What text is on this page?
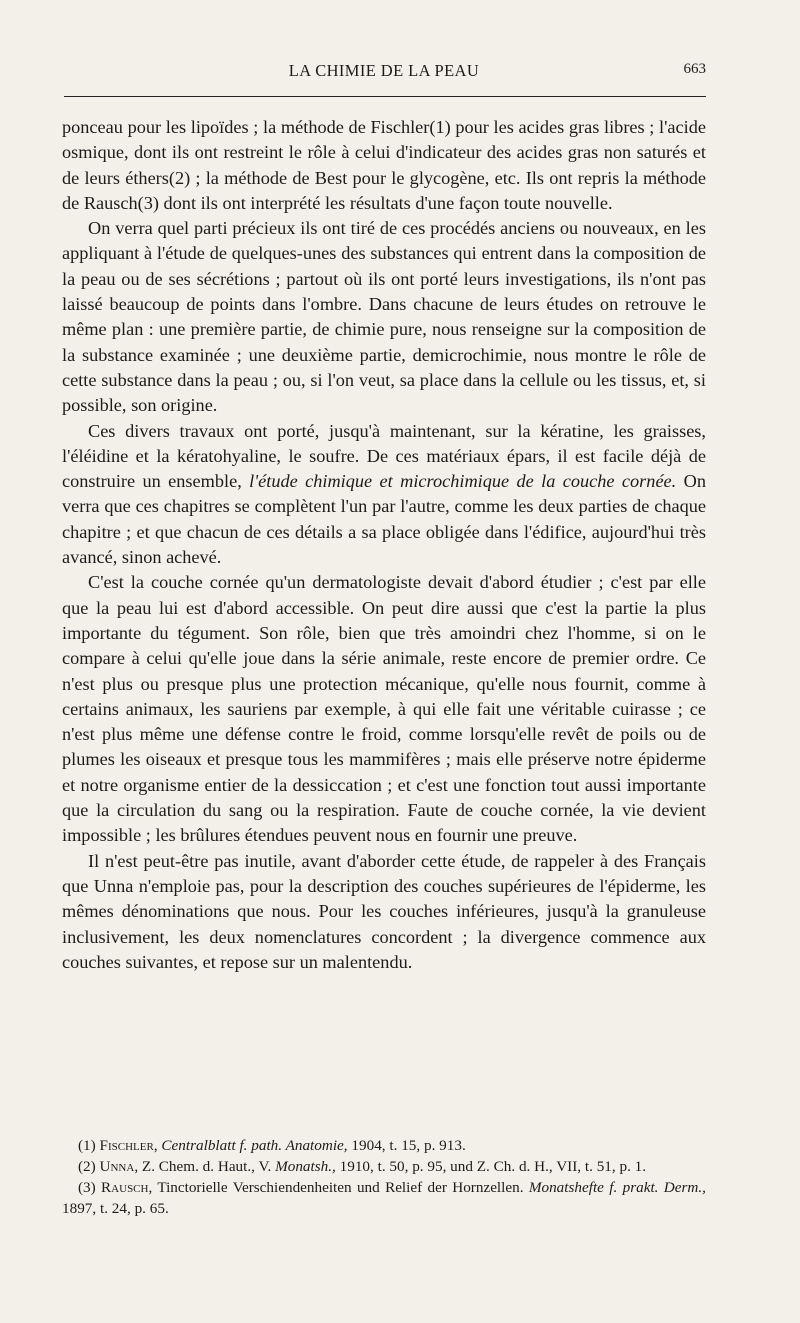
LA CHIMIE DE LA PEAU	663

ponceau pour les lipoïdes ; la méthode de Fischler(1) pour les acides gras libres ; l'acide osmique, dont ils ont restreint le rôle à celui d'indicateur des acides gras non saturés et de leurs éthers(2) ; la méthode de Best pour le glycogène, etc. Ils ont repris la méthode de Rausch(3) dont ils ont interprété les résultats d'une façon toute nouvelle.

On verra quel parti précieux ils ont tiré de ces procédés anciens ou nouveaux, en les appliquant à l'étude de quelques-unes des substances qui entrent dans la composition de la peau ou de ses sécrétions ; partout où ils ont porté leurs investigations, ils n'ont pas laissé beaucoup de points dans l'ombre. Dans chacune de leurs études on retrouve le même plan : une première partie, de chimie pure, nous renseigne sur la composition de la substance examinée ; une deuxième partie, demicrochimie, nous montre le rôle de cette substance dans la peau ; ou, si l'on veut, sa place dans la cellule ou les tissus, et, si possible, son origine.

Ces divers travaux ont porté, jusqu'à maintenant, sur la kératine, les graisses, l'éléidine et la kératohyaline, le soufre. De ces matériaux épars, il est facile déjà de construire un ensemble, l'étude chimique et microchimique de la couche cornée. On verra que ces chapitres se complètent l'un par l'autre, comme les deux parties de chaque chapitre ; et que chacun de ces détails a sa place obligée dans l'édifice, aujourd'hui très avancé, sinon achevé.

C'est la couche cornée qu'un dermatologiste devait d'abord étudier ; c'est par elle que la peau lui est d'abord accessible. On peut dire aussi que c'est la partie la plus importante du tégument. Son rôle, bien que très amoindri chez l'homme, si on le compare à celui qu'elle joue dans la série animale, reste encore de premier ordre. Ce n'est plus ou presque plus une protection mécanique, qu'elle nous fournit, comme à certains animaux, les sauriens par exemple, à qui elle fait une véritable cuirasse ; ce n'est plus même une défense contre le froid, comme lorsqu'elle revêt de poils ou de plumes les oiseaux et presque tous les mammifères ; mais elle préserve notre épiderme et notre organisme entier de la dessiccation ; et c'est une fonction tout aussi importante que la circulation du sang ou la respiration. Faute de couche cornée, la vie devient impossible ; les brûlures étendues peuvent nous en fournir une preuve.

Il n'est peut-être pas inutile, avant d'aborder cette étude, de rappeler à des Français que Unna n'emploie pas, pour la description des couches supérieures de l'épiderme, les mêmes dénominations que nous. Pour les couches inférieures, jusqu'à la granuleuse inclusivement, les deux nomenclatures concordent ; la divergence commence aux couches suivantes, et repose sur un malentendu.

(1) Fischler, Centralblatt f. path. Anatomie, 1904, t. 15, p. 913.

(2) Unna, Z. Chem. d. Haut., V. Monatsh., 1910, t. 50, p. 95, und Z. Ch. d. H., VII, t. 51, p. 1.

(3) Rausch, Tinctorielle Verschiendenheiten und Relief der Hornzellen. Monatshefte f. prakt. Derm., 1897, t. 24, p. 65.
